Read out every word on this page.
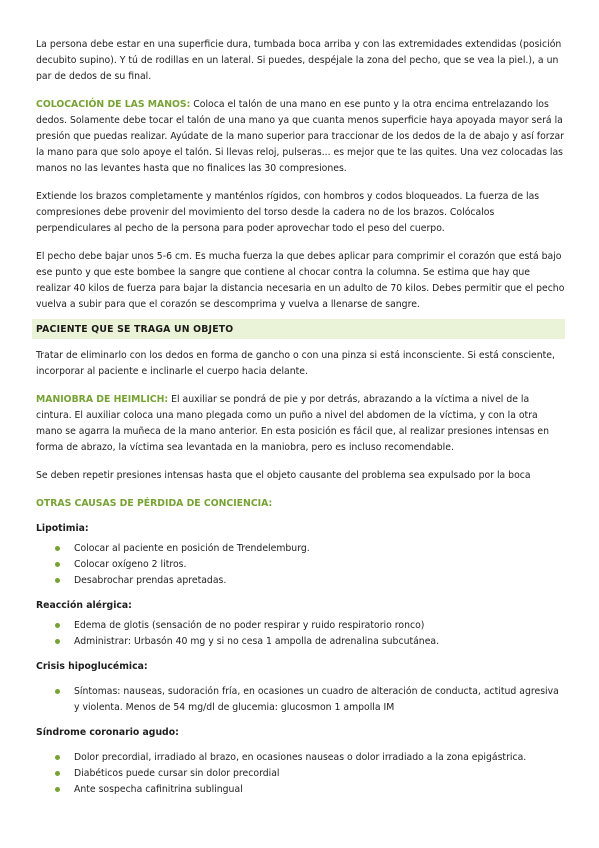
La persona debe estar en una superficie dura, tumbada boca arriba y con las extremidades extendidas (posición decubito supino). Y tú de rodillas en un lateral. Si puedes, despéjale la zona del pecho, que se vea la piel.), a un par de dedos de su final.

COLOCACIÓN DE LAS MANOS: Coloca el talón de una mano en ese punto y la otra encima entrelazando los dedos. Solamente debe tocar el talón de una mano ya que cuanta menos superficie haya apoyada mayor será la presión que puedas realizar. Ayúdate de la mano superior para traccionar de los dedos de la de abajo y así forzar la mano para que solo apoye el talón. Si llevas reloj, pulseras... es mejor que te las quites. Una vez colocadas las manos no las levantes hasta que no finalices las 30 compresiones.

Extiende los brazos completamente y manténlos rígidos, con hombros y codos bloqueados. La fuerza de las compresiones debe provenir del movimiento del torso desde la cadera no de los brazos. Colócalos perpendiculares al pecho de la persona para poder aprovechar todo el peso del cuerpo.

El pecho debe bajar unos 5-6 cm. Es mucha fuerza la que debes aplicar para comprimir el corazón que está bajo ese punto y que este bombee la sangre que contiene al chocar contra la columna. Se estima que hay que realizar 40 kilos de fuerza para bajar la distancia necesaria en un adulto de 70 kilos. Debes permitir que el pecho vuelva a subir para que el corazón se descomprima y vuelva a llenarse de sangre.

PACIENTE QUE SE TRAGA UN OBJETO

Tratar de eliminarlo con los dedos en forma de gancho o con una pinza si está inconsciente. Si está consciente, incorporar al paciente e inclinarle el cuerpo hacia delante.

MANIOBRA DE HEIMLICH: El auxiliar se pondrá de pie y por detrás, abrazando a la víctima a nivel de la cintura. El auxiliar coloca una mano plegada como un puño a nivel del abdomen de la víctima, y con la otra mano se agarra la muñeca de la mano anterior. En esta posición es fácil que, al realizar presiones intensas en forma de abrazo, la víctima sea levantada en la maniobra, pero es incluso recomendable.

Se deben repetir presiones intensas hasta que el objeto causante del problema sea expulsado por la boca

OTRAS CAUSAS DE PÉRDIDA DE CONCIENCIA:

Lipotimia:

Colocar al paciente en posición de Trendelemburg.
Colocar oxígeno 2 litros.
Desabrochar prendas apretadas.

Reacción alérgica:

Edema de glotis (sensación de no poder respirar y ruido respiratorio ronco)
Administrar: Urbasón 40 mg y si no cesa 1 ampolla de adrenalina subcutánea.

Crisis hipoglucémica:

Síntomas: nauseas, sudoración fría, en ocasiones un cuadro de alteración de conducta, actitud agresiva y violenta. Menos de 54 mg/dl de glucemia: glucosmon 1 ampolla IM

Síndrome coronario agudo:

Dolor precordial, irradiado al brazo, en ocasiones nauseas o dolor irradiado a la zona epigástrica.
Diabéticos puede cursar sin dolor precordial
Ante sospecha cafinitrina sublingual
